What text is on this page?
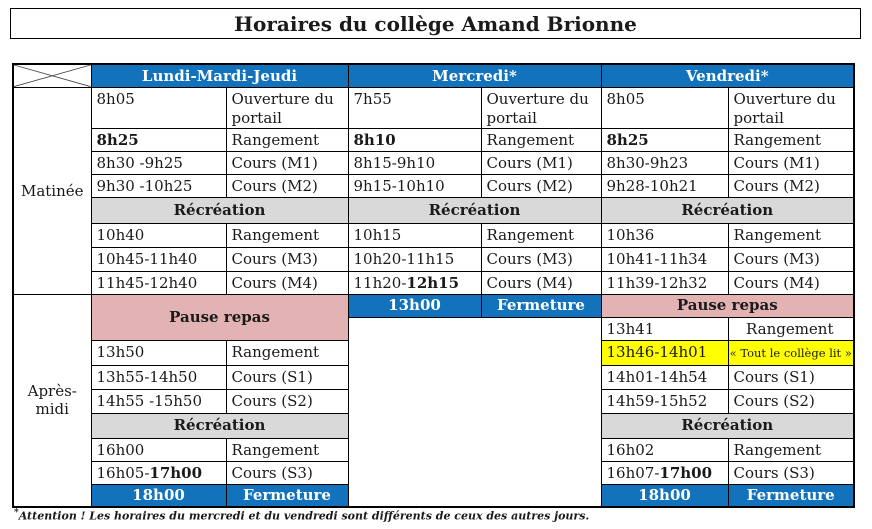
Horaires du collège Amand Brionne
	Lundi-Mardi-Jeudi		Mercredi*		Vendredi*	
Matinée	8h05	Ouverture du portail	7h55	Ouverture du portail	8h05	Ouverture du portail
	8h25	Rangement	8h10	Rangement	8h25	Rangement
	8h30 -9h25	Cours (M1)	8h15-9h10	Cours (M1)	8h30-9h23	Cours (M1)
	9h30 -10h25	Cours (M2)	9h15-10h10	Cours (M2)	9h28-10h21	Cours (M2)
	Récréation		Récréation		Récréation	
	10h40	Rangement	10h15	Rangement	10h36	Rangement
	10h45-11h40	Cours (M3)	10h20-11h15	Cours (M3)	10h41-11h34	Cours (M3)
	11h45-12h40	Cours (M4)	11h20-12h15	Cours (M4)	11h39-12h32	Cours (M4)
Après-midi	Pause repas		13h00	Fermeture	Pause repas	
					13h41	Rangement
	13h50	Rangement			13h46-14h01	« Tout le collège lit »
	13h55-14h50	Cours (S1)			14h01-14h54	Cours (S1)
	14h55 -15h50	Cours (S2)			14h59-15h52	Cours (S2)
	Récréation				Récréation	
	16h00	Rangement			16h02	Rangement
	16h05-17h00	Cours (S3)			16h07-17h00	Cours (S3)
	18h00	Fermeture			18h00	Fermeture
*Attention ! Les horaires du mercredi et du vendredi sont différents de ceux des autres jours.
